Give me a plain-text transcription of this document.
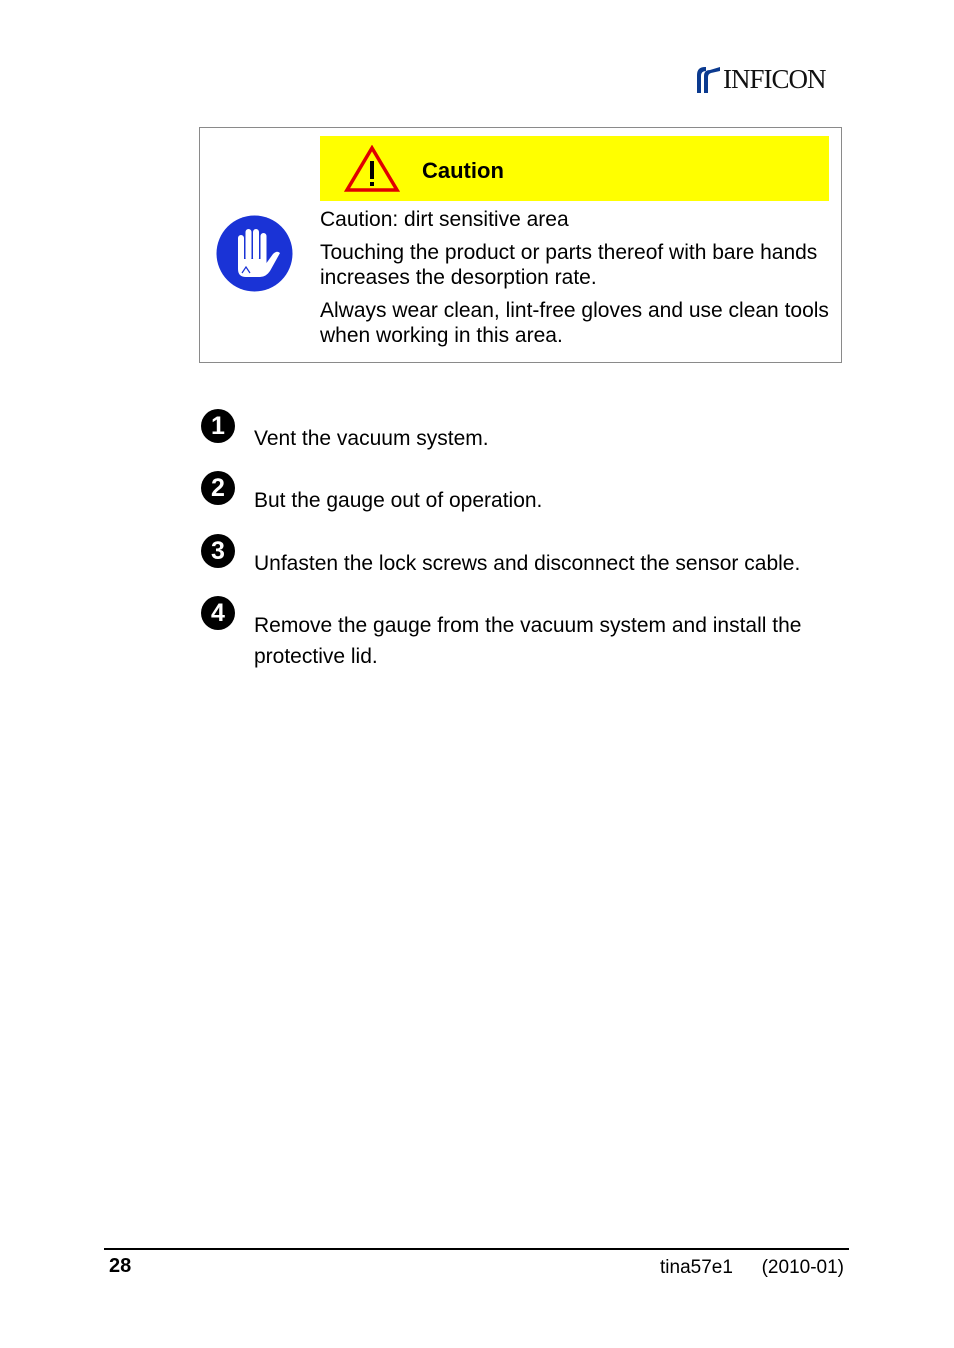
INFICON
Caution

Caution: dirt sensitive area

Touching the product or parts thereof with bare hands increases the desorption rate.

Always wear clean, lint-free gloves and use clean tools when working in this area.

1	Vent the vacuum system.
2	But the gauge out of operation.
3	Unfasten the lock screws and disconnect the sensor cable.
4	Remove the gauge from the vacuum system and install the protective lid.
28	tina57e1 (2010-01)
